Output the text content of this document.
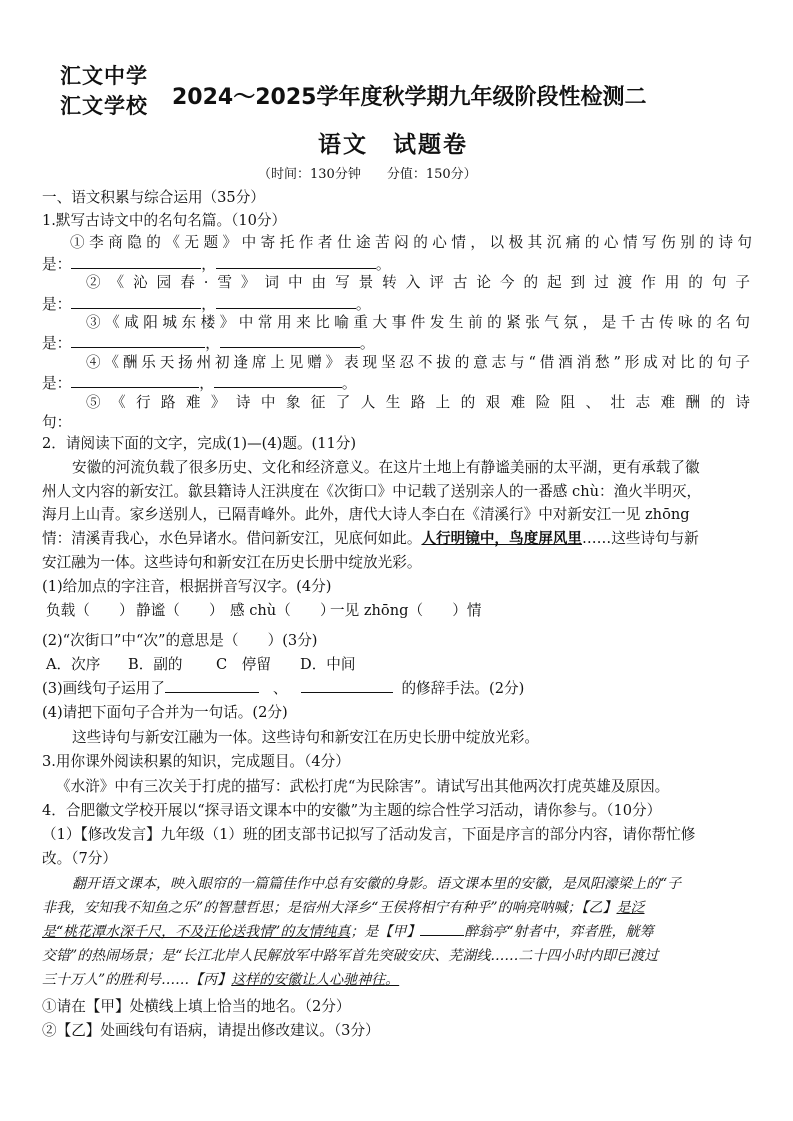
汇文中学
汇文学校 2024～2025学年度秋学期九年级阶段性检测二
语文　试题卷
（时间：130分钟　　分值：150分）
一、语文积累与综合运用（35分）
1.默写古诗文中的名句名篇。（10分）
①李商隐的《无题》中寄托作者仕途苦闷的心情，以极其沉痛的心情写伤别的诗句
是：	，	。
②《沁园春·雪》词中由写景转入评古论今的起到过渡作用的句子
是：	，	。
③《咸阳城东楼》中常用来比喻重大事件发生前的紧张气氛，是千古传咏的名句
是：	，	。
④《酬乐天扬州初逢席上见赠》表现坚忍不拔的意志与“借酒消愁”形成对比的句子
是：	，	。
⑤《行路难》诗中象征了人生路上的艰难险阻、壮志难酬的诗
句：
2．请阅读下面的文字，完成(1)—(4)题。(11分)
安徽的河流负载了很多历史、文化和经济意义。在这片土地上有静谧美丽的太平湖，更有承载了徽
州人文内容的新安江。歙县籍诗人汪洪度在《次街口》中记载了送别亲人的一番感 chù：渔火半明灭，
海月上山青。家乡送别人，已隔青峰外。此外，唐代大诗人李白在《清溪行》中对新安江一见 zhōng
情：清溪青我心，水色异诸水。借问新安江，见底何如此。人行明镜中，鸟度屏风里……这些诗句与新
安江融为一体。这些诗句和新安江在历史长册中绽放光彩。
(1)给加点的字注音，根据拼音写汉字。(4分)
负载（　　） 静谧（　　） 感 chù（　　）
一见 zhōng（　　）情
(2)“次街口”中“次”的意思是（　　）(3分)
A．次序 B．副的 C　停留 D．中间
(3)画线句子运用了	、	的修辞手法。(2分)
(4)请把下面句子合并为一句话。(2分)
这些诗句与新安江融为一体。这些诗句和新安江在历史长册中绽放光彩。
3.用你课外阅读积累的知识，完成题目。（4分）
《水浒》中有三次关于打虎的描写：武松打虎“为民除害”。请试写出其他两次打虎英雄及原因。
4．合肥徽文学校开展以“探寻语文课本中的安徽”为主题的综合性学习活动，请你参与。（10分）
（1）【修改发言】九年级（1）班的团支部书记拟写了活动发言，下面是序言的部分内容，请你帮忙修
改。（7分）
翻开语文课本，映入眼帘的一篇篇佳作中总有安徽的身影。语文课本里的安徽，是凤阳濠梁上的“子
非我，安知我不知鱼之乐”的智慧哲思；是宿州大泽乡“王侯将相宁有种乎”的响亮呐喊；【乙】是泛
是“桃花潭水深千尺，不及汪伦送我情”的友情纯真；是【甲】	醉翁亭“射者中，弈者胜，觥筹
交错”的热闹场景；是“长江北岸人民解放军中路军首先突破安庆、芜湖线……二十四小时内即已渡过
三十万人”的胜利号……【丙】这样的安徽让人心驰神往。
①请在【甲】处横线上填上恰当的地名。（2分）
②【乙】处画线句有语病，请提出修改建议。（3分）
